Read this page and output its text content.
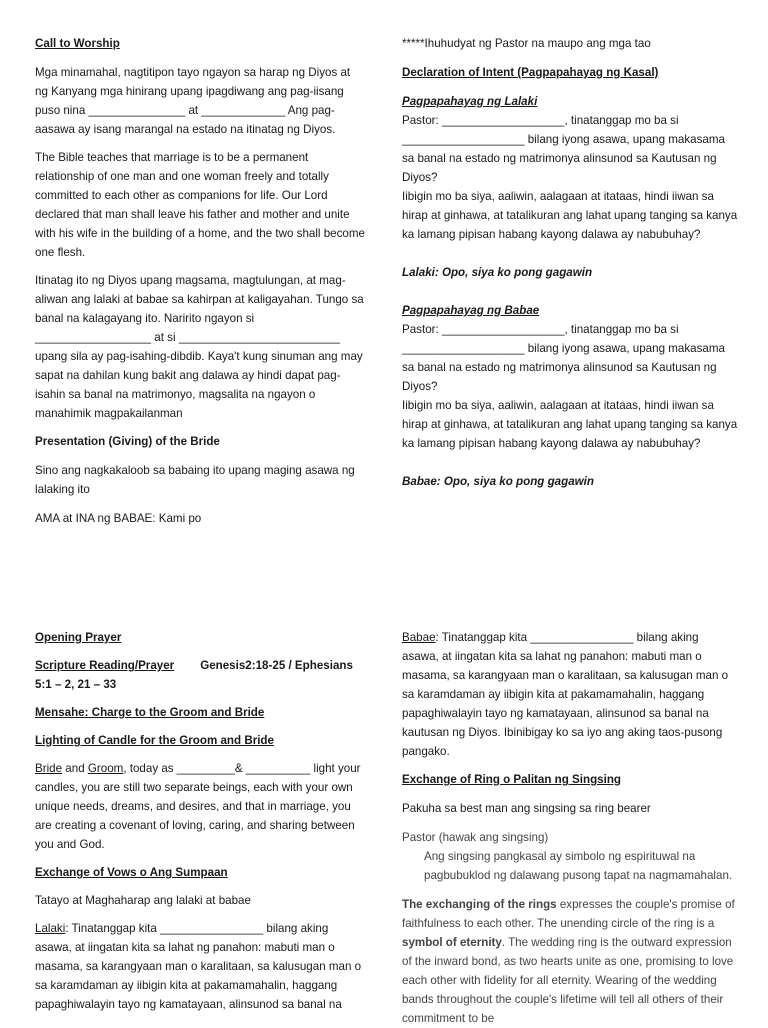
Call to Worship

Mga minamahal, nagtitipon tayo ngayon sa harap ng Diyos at ng Kanyang mga hinirang upang ipagdiwang ang pag-iisang puso nina _______________ at _____________ Ang pag-aasawa ay isang marangal na estado na itinatag ng Diyos.

The Bible teaches that marriage is to be a permanent relationship of one man and one woman freely and totally committed to each other as companions for life. Our Lord declared that man shall leave his father and mother and unite with his wife in the building of a home, and the two shall become one flesh.

Itinatag ito ng Diyos upang magsama, magtulungan, at mag-aliwan ang lalaki at babae sa kahirpan at kaligayahan. Tungo sa banal na kalagayang ito. Naririto ngayon si __________________ at si _________________________ upang sila ay pag-isahing-dibdib. Kaya't kung sinuman ang may sapat na dahilan kung bakit ang dalawa ay hindi dapat pag-isahin sa banal na matrimonyo, magsalita na ngayon o manahimik magpakailanman

Presentation (Giving) of the Bride

Sino ang nagkakaloob sa babaing ito upang maging asawa ng lalaking ito

AMA at INA ng BABAE: Kami po

*****Ihuhudyat ng Pastor na maupo ang mga tao

Declaration of Intent (Pagpapahayag ng Kasal)

Pagpapahayag ng Lalaki

Pastor: ___________________, tinatanggap mo ba si ___________________ bilang iyong asawa, upang makasama sa banal na estado ng matrimonya alinsunod sa Kautusan ng Diyos?

Iibigin mo ba siya, aaliwin, aalagaan at itataas, hindi iiwan sa hirap at ginhawa, at tatalikuran ang lahat upang tanging sa kanya ka lamang pipisan habang kayong dalawa ay nabubuhay?

Lalaki: Opo, siya ko pong gagawin

Pagpapahayag ng Babae

Pastor: ___________________, tinatanggap mo ba si ___________________ bilang iyong asawa, upang makasama sa banal na estado ng matrimonya alinsunod sa Kautusan ng Diyos?

Iibigin mo ba siya, aaliwin, aalagaan at itataas, hindi iiwan sa hirap at ginhawa, at tatalikuran ang lahat upang tanging sa kanya ka lamang pipisan habang kayong dalawa ay nabubuhay?

Babae: Opo, siya ko pong gagawin

Opening Prayer

Scripture Reading/Prayer Genesis2:18-25 / Ephesians

5:1 – 2, 21 – 33

Mensahe: Charge to the Groom and Bride

Lighting of Candle for the Groom and Bride

Bride and Groom, today as _________& __________ light your candles, you are still two separate beings, each with your own unique needs, dreams, and desires, and that in marriage, you are creating a covenant of loving, caring, and sharing between you and God.

Exchange of Vows o Ang Sumpaan

Tatayo at Maghaharap ang lalaki at babae

Lalaki: Tinatanggap kita ________________ bilang aking asawa, at iingatan kita sa lahat ng panahon: mabuti man o masama, sa karangyaan man o karalitaan, sa kalusugan man o sa karamdaman ay iibigin kita at pakamamahalin, haggang papaghiwalayin tayo ng kamatayaan, alinsunod sa banal na

Babae: Tinatanggap kita ________________ bilang aking asawa, at iingatan kita sa lahat ng panahon: mabuti man o masama, sa karangyaan man o karalitaan, sa kalusugan man o sa karamdaman ay iibigin kita at pakamamahalin, haggang papaghiwalayin tayo ng kamatayaan, alinsunod sa banal na kautusan ng Diyos. Ibinibigay ko sa iyo ang aking taos-pusong pangako.

Exchange of Ring o Palitan ng Singsing

Pakuha sa best man ang singsing sa ring bearer

Pastor (hawak ang singsing)Ang singsing pangkasal ay simbolo ng espirituwal na pagbubuklod ng dalawang pusong tapat na nagmamahalan.

The exchanging of the rings expresses the couple's promise of faithfulness to each other. The unending circle of the ring is a symbol of eternity. The wedding ring is the outward expression of the inward bond, as two hearts unite as one, promising to love each other with fidelity for all eternity. Wearing of the wedding bands throughout the couple's lifetime will tell all others of their commitment to be
